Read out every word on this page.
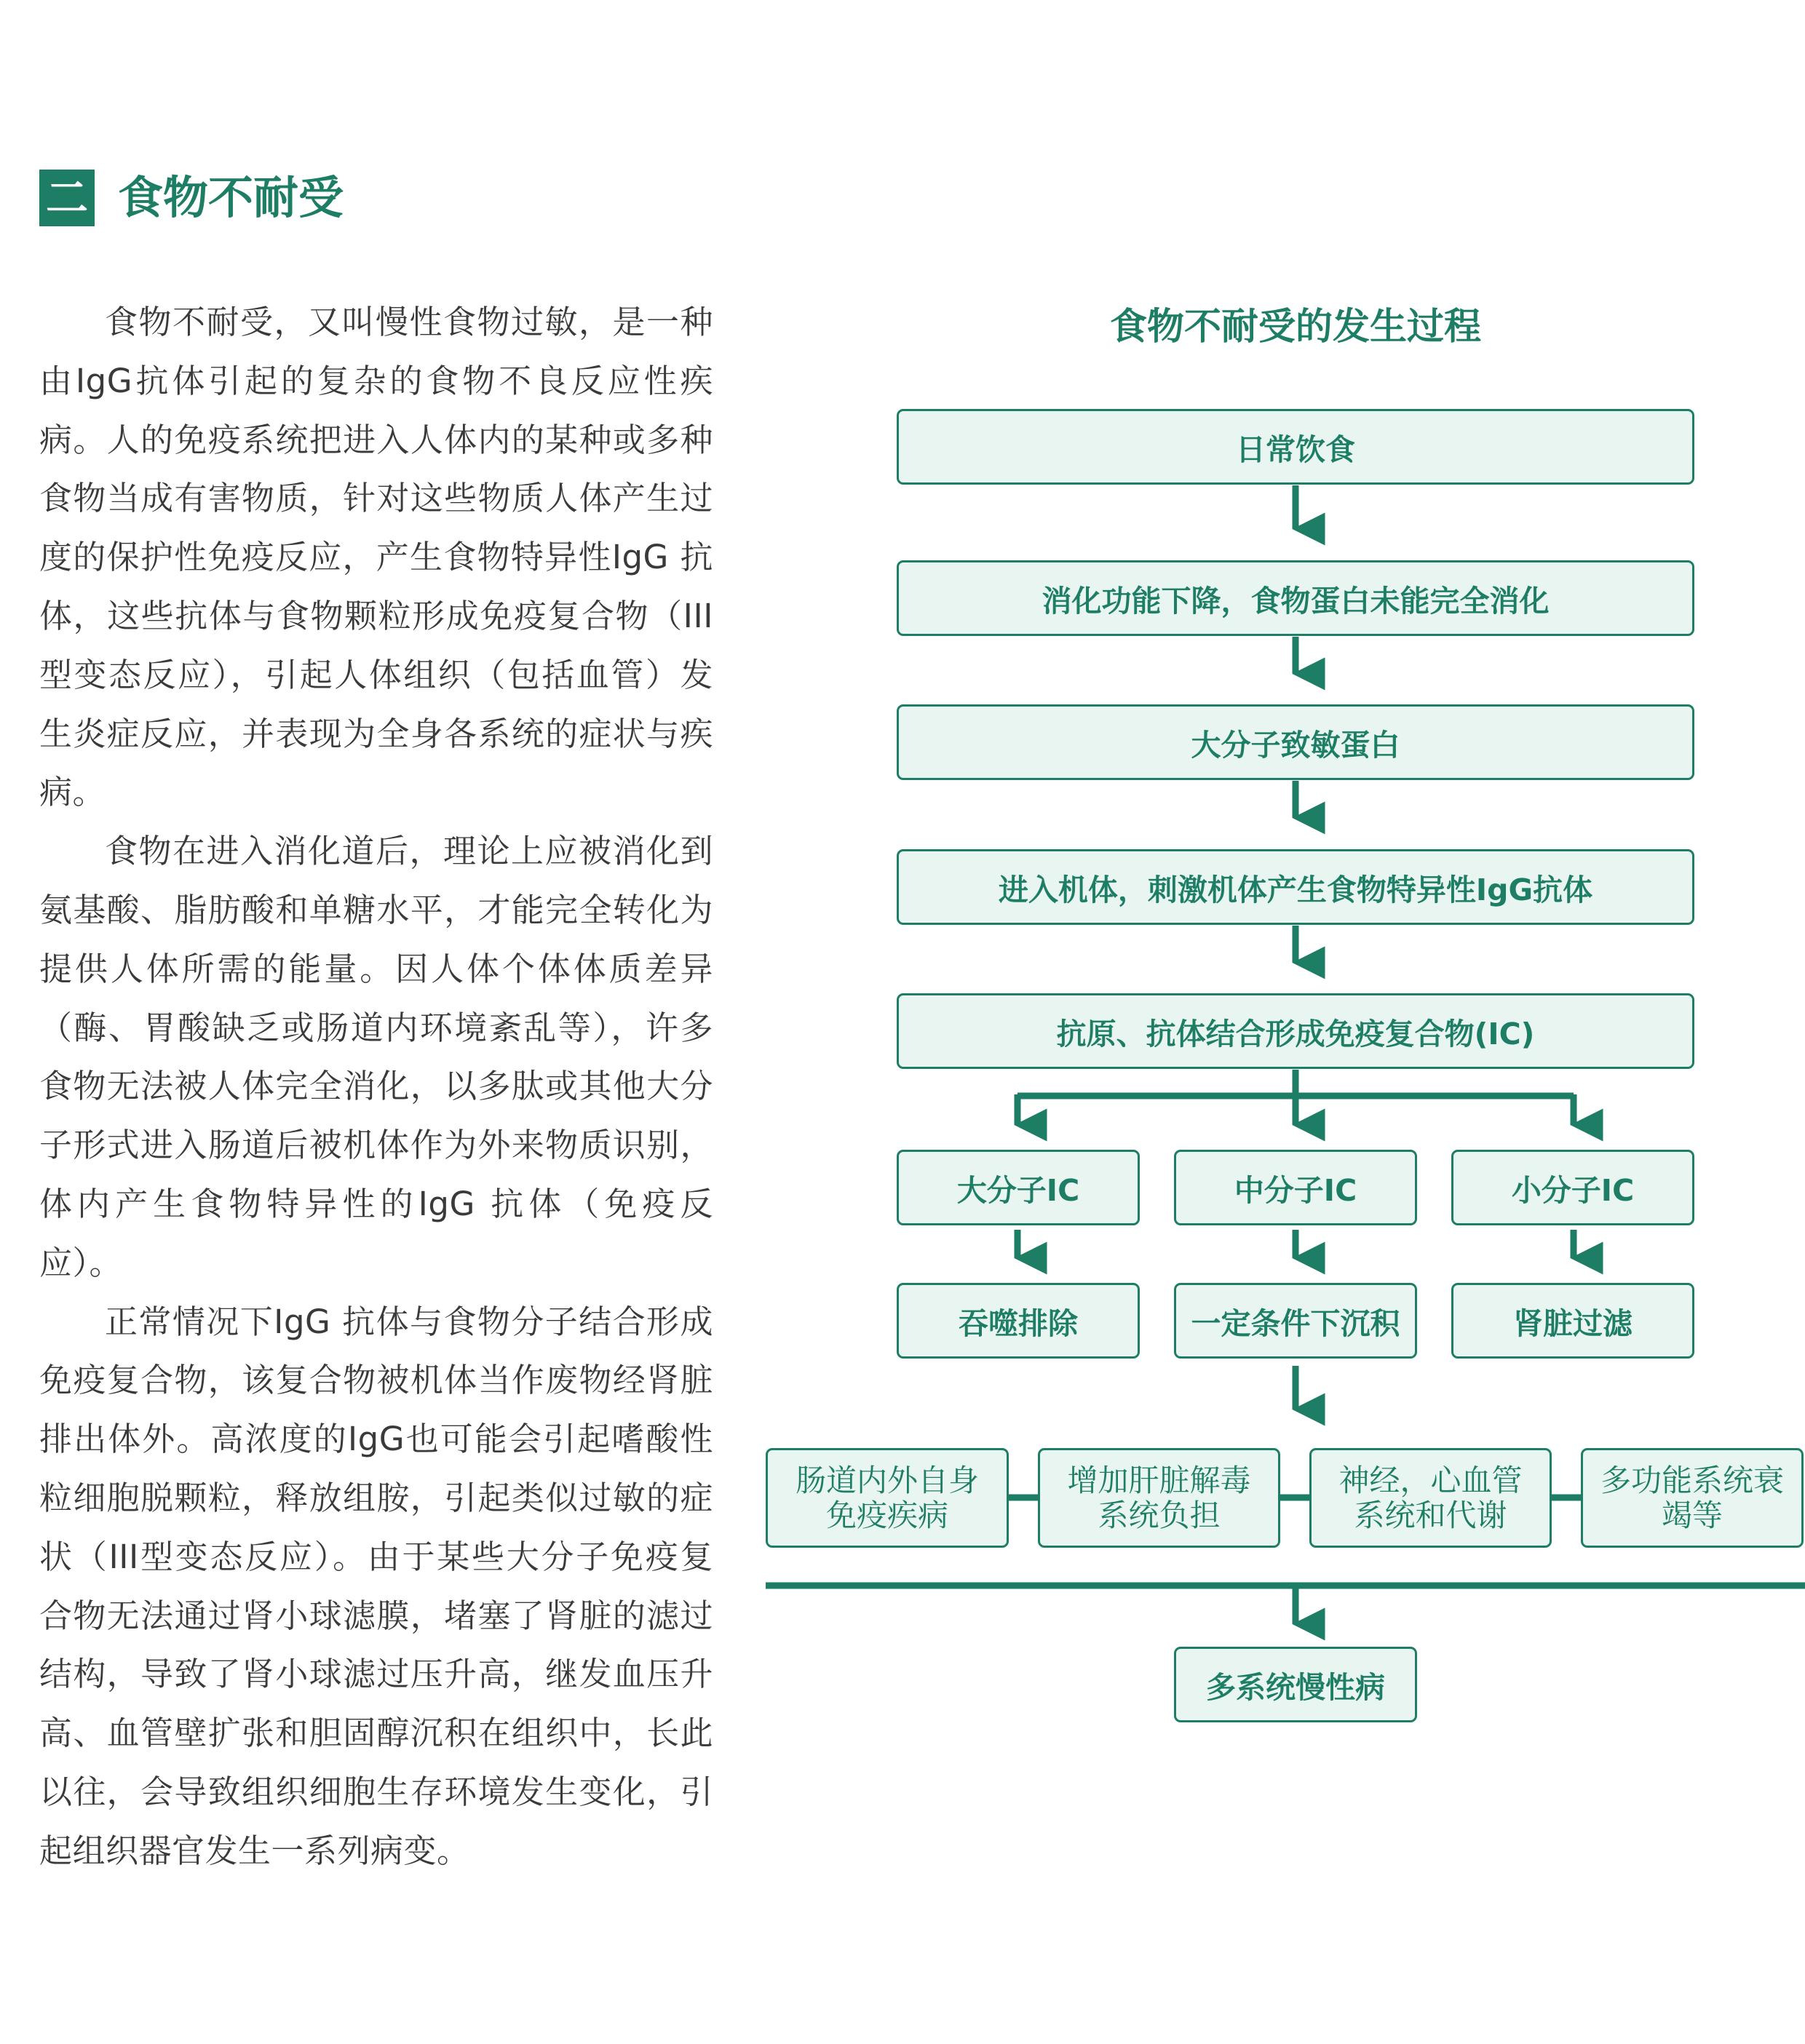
二 食物不耐受

食物不耐受，又叫慢性食物过敏，是一种由IgG抗体引起的复杂的食物不良反应性疾病。人的免疫系统把进入人体内的某种或多种食物当成有害物质，针对这些物质人体产生过度的保护性免疫反应，产生食物特异性IgG 抗体，这些抗体与食物颗粒形成免疫复合物（III型变态反应），引起人体组织（包括血管）发生炎症反应，并表现为全身各系统的症状与疾病。

食物在进入消化道后，理论上应被消化到氨基酸、脂肪酸和单糖水平，才能完全转化为提供人体所需的能量。因人体个体体质差异（酶、胃酸缺乏或肠道内环境紊乱等），许多食物无法被人体完全消化，以多肽或其他大分子形式进入肠道后被机体作为外来物质识别，体内产生食物特异性的IgG 抗体（免疫反应）。

正常情况下IgG 抗体与食物分子结合形成免疫复合物，该复合物被机体当作废物经肾脏排出体外。高浓度的IgG也可能会引起嗜酸性粒细胞脱颗粒，释放组胺，引起类似过敏的症状（III型变态反应）。由于某些大分子免疫复合物无法通过肾小球滤膜，堵塞了肾脏的滤过结构，导致了肾小球滤过压升高，继发血压升高、血管壁扩张和胆固醇沉积在组织中，长此以往，会导致组织细胞生存环境发生变化，引起组织器官发生一系列病变。

食物不耐受的发生过程
日常饮食
消化功能下降，食物蛋白未能完全消化
大分子致敏蛋白
进入机体，刺激机体产生食物特异性IgG抗体
抗原、抗体结合形成免疫复合物(IC)
大分子IC	中分子IC	小分子IC
吞噬排除	一定条件下沉积	肾脏过滤
肠道内外自身免疫疾病
增加肝脏解毒系统负担
神经，心血管系统和代谢
多功能系统衰竭等
多系统慢性病
